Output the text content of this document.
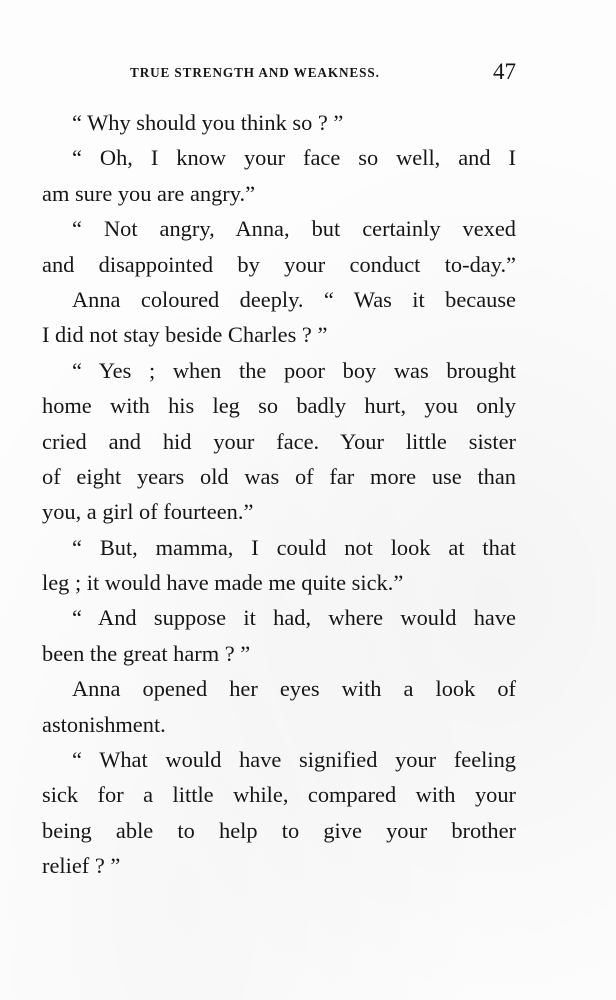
TRUE STRENGTH AND WEAKNESS.	47
“ Why should you think so ? ”
“ Oh, I know your face so well, and I
am sure you are angry.”
“ Not angry, Anna, but certainly vexed
and disappointed by your conduct to-day.”
Anna coloured deeply. “ Was it because
I did not stay beside Charles ? ”
“ Yes ; when the poor boy was brought
home with his leg so badly hurt, you only
cried and hid your face. Your little sister
of eight years old was of far more use than
you, a girl of fourteen.”
“ But, mamma, I could not look at that
leg ; it would have made me quite sick.”
“ And suppose it had, where would have
been the great harm ? ”
Anna opened her eyes with a look of
astonishment.
“ What would have signified your feeling
sick for a little while, compared with your
being able to help to give your brother
relief ? ”
